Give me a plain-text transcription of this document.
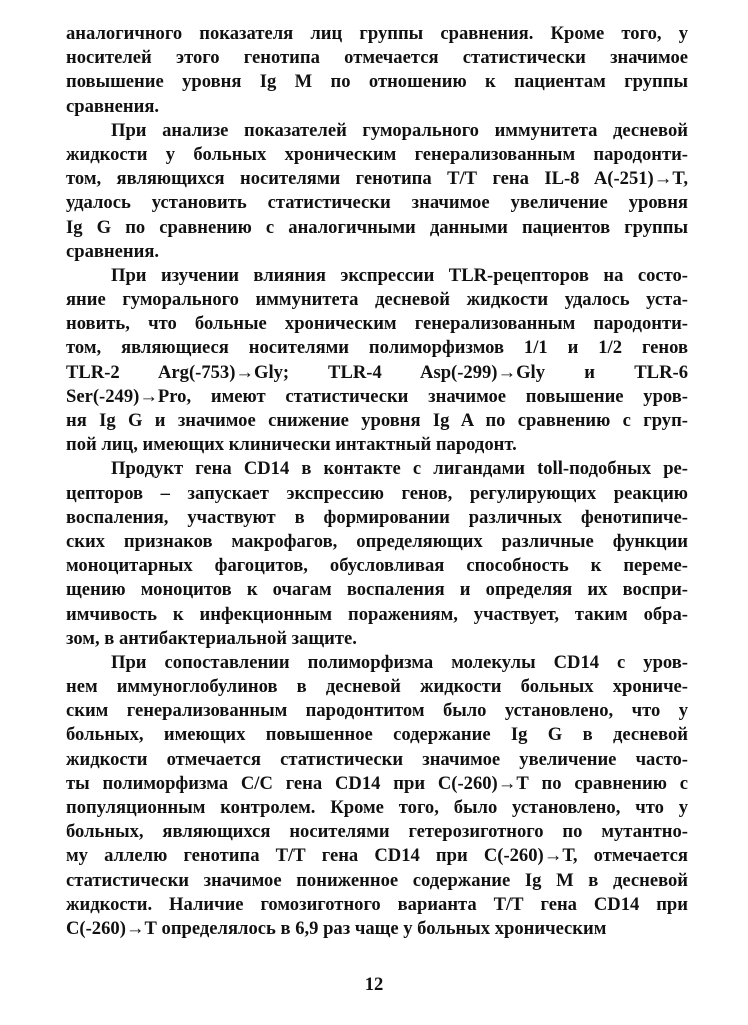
аналогичного показателя лиц группы сравнения. Кроме того, у
носителей этого генотипа отмечается статистически значимое
повышение уровня Ig M по отношению к пациентам группы
сравнения.
При анализе показателей гуморального иммунитета десневой
жидкости у больных хроническим генерализованным пародонти-
том, являющихся носителями генотипа Т/Т гена IL-8 A(-251)→T,
удалось установить статистически значимое увеличение уровня
Ig G по сравнению с аналогичными данными пациентов группы
сравнения.
При изучении влияния экспрессии TLR-рецепторов на состо-
яние гуморального иммунитета десневой жидкости удалось уста-
новить, что больные хроническим генерализованным пародонти-
том, являющиеся носителями полиморфизмов 1/1 и 1/2 генов
TLR-2 Arg(-753)→Gly; TLR-4 Asp(-299)→Gly и TLR-6
Ser(-249)→Pro, имеют статистически значимое повышение уров-
ня Ig G и значимое снижение уровня Ig A по сравнению с груп-
пой лиц, имеющих клинически интактный пародонт.
Продукт гена CD14 в контакте с лигандами toll-подобных ре-
цепторов – запускает экспрессию генов, регулирующих реакцию
воспаления, участвуют в формировании различных фенотипиче-
ских признаков макрофагов, определяющих различные функции
моноцитарных фагоцитов, обусловливая способность к переме-
щению моноцитов к очагам воспаления и определяя их воспри-
имчивость к инфекционным поражениям, участвует, таким обра-
зом, в антибактериальной защите.
При сопоставлении полиморфизма молекулы CD14 с уров-
нем иммуноглобулинов в десневой жидкости больных хрониче-
ским генерализованным пародонтитом было установлено, что у
больных, имеющих повышенное содержание Ig G в десневой
жидкости отмечается статистически значимое увеличение часто-
ты полиморфизма С/С гена CD14 при С(-260)→Т по сравнению с
популяционным контролем. Кроме того, было установлено, что у
больных, являющихся носителями гетерозиготного по мутантно-
му аллелю генотипа Т/Т гена CD14 при С(-260)→Т, отмечается
статистически значимое пониженное содержание Ig M в десневой
жидкости. Наличие гомозиготного варианта Т/Т гена CD14 при
С(-260)→Т определялось в 6,9 раз чаще у больных хроническим
12
